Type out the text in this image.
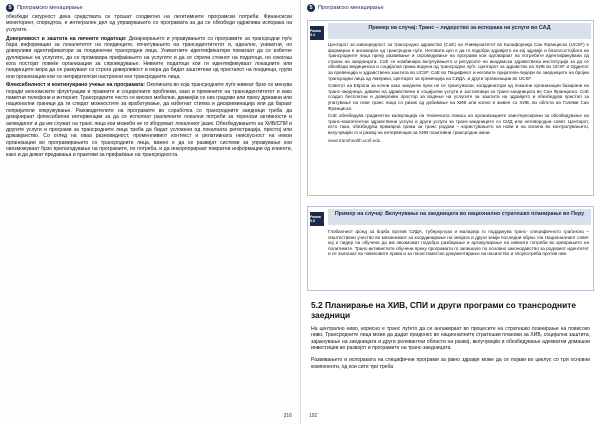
5 Програмско менаџирање

обезбеди сигурност дека средствата се трошат соодветно на легитимните програмски потреби. Финансиски мониторинг, споредтоа, е интегрален дел од управувањето со програмата за да се обезбеди одржлива испорака на услугите.

Доверливост и заштита на личните податоци: Дизајнирањето и управувањето со програмите за трансродни луѓе бара информации за локалитетот на поединците, почитувањето на трансидентитетот и, идеално, уникатни, но доверливи идентификатори за поединечни трансродни лица. Уникатните идентификатори помагаат да се избегне дуплирање на услугите, да се промовира прифаќањето на услугите и да се спречи стекнот на податоци, но секогаш кога постојат повеќе организации за спроведување. Нивните податоци кои ги идентификуваат локациите или поединците мора да се раккуваат со строга доверливост и мора да бидат заштитени од пристапот на поединци, групи или организации кои се непријателски настроени кон трансродните лица.

Флексибилност и континуирано учење на програмата: Околината во која трансродните луѓе живеат брзо се менува поради економските флуктуации и правните и социјалните проблеми, како и промените на трансидентитетот и како паметни телефони и интернет. Трансродните често се високо мобилни, движејќи се низ градови или преку државни или национални граници да ги следат можностите за вработување, да избегнат стигма и дискриминација или да бараат попријатели опкружување. Раководителите на програмите во соработка со трансродните заедници треба да дизајнираат флексибилни интервенции за да се исполнат различните локални потреби за теренски активности и аководинот и да им служат на транс лица кои можеби не го зборуваат локалниот јазик. Обезбедувањето на ХИВ/СПИ и другите услуги и програми за трансродните лица треба да бидат условени од локалната регистрација, престој или државјанство. Со оглед на оваа разновидност, променливиот контекст и релативната неискусност на некои организации во програмирањето со трансродните лица, важно е да се развијат системи за управување кои овозможуваат брзо прилагодување на програмите, по потреба, и да инкорпорираат повратни информации од клиенти, како и да дожат предавања и практики за прифаќање на трансродноста.

316
5 Програмско менаџирање
Рамка 5.4
Пример на случај: Транс – лидерство за испорака на услуги во САД

Центарот за извонредност за трансродно здравство (CoE) на Универзитетот во Калифорнија Сан Франциско (UCSF) е формиран е ангажиран од трансродни луѓе. Неговата цел е да го подобри здравјето на кој здравје и благосостојбата на трансродните лица преку развивање и спроведување на програми кои одговараат на потребите идентификувани од страна на заедницата. CoE се комбинира вклучувањето и ресурсите на академска здравствена институција за да се обезбеди медицинска и социјална грижа водена од трансродни луѓе. Центарот за здравство на ХИВ во UCSF и Одделот за превенција и здравствена заштита во UCSF, CoE во Пацификот и неговите пријатели-лидери во заедниците на бројни трансродни лица од Америка, Центарот за превенција на СИДА, и други организации во UCSF.

Советот на Европа за кочни како заедничк прок не се трансуваски, координатори од локални организации базирани на транс-заедница, давачи на здравствени и социјални услуги и застапници за транс-заедницата во Сан Франциско. СоЕ создал бесплатни и доверливи простор за водење на услугите за заштита на здравјето и обезбедува пристап за упатување на секи транс лица со ризик од добивање на ХИВ или колно е живее со ХИВ, во облста на Големи Сан Франциско.

СоЕ обезбедува градиентна калкулација на техничката помош на организациите заинтересирани за обезбедување на транс-компетентни здравствени услуги и други услуги за транс-заедниците со СИД или неговородни совет. Центарот, исто така, обезбедува примарна грижа за транс родови – користувањето на нови и на силина во контролувањето, вклучувајќи го и развој на интервенции за ХИВ позитивни трансродни жени.

www.transhealth.ucsf.edu

Рамка 5.5
Пример на случај: Вклучување на заедницата во национално стратешко планирање во Перу

Глобалниот фонд за борба против СИДА, туберкулоза и маларија го поддржува транс- специфичното граѓанско – општествени учество во механизмот за координирање на земјата и други земји последни обуки. На Националниот совет кој е лидер на обучена да им овозможат подобро разбирање и артикулирање на нивните потреби во креирањето на политиките. Транс-активистите обучени преку програмата го запишале по основно законодавство за родовиот идентитет и се залагаат на човековите права и за посистематско документирање на насилство и злоупотреба против нив.

5.2 Планирање на ХИВ, СПИ и други програми со трансродните заедници

На централно ниво, корисно е транс луѓето да се ангажираат во процесите на стратешко планирање на повисоко ниво. Трансродните лица може да дадат придонес во националните стратешки планови за ХИВ, социјална заштита, зајакнување на заедницата и други релевантни области на развој, вклучувајќи и обезбедување адекватни домашни инвестиции во развојот и програмите на транс-заедницата.

Развивањето и испораката на специфични програми за јавно здравје може да се појави во циклус со три основни компоненти, од кои сите три треба

192
